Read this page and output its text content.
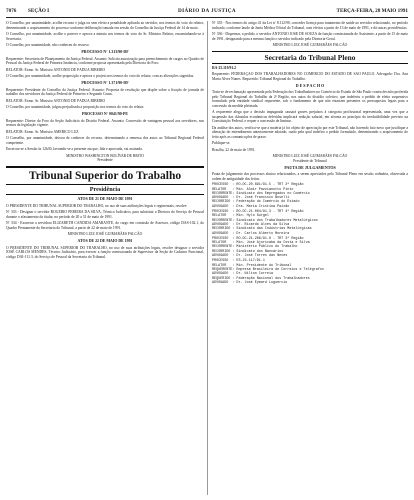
7076 SEÇÃO I	DIÁRIO DA JUSTIÇA	TERÇA-FEIRA, 28 MAIO 1991

O Conselho, por unanimidade, acolhe recurso e julga ou sem efeito a penalidade aplicada ao servidor, nos termos do voto do relator, determinando o arquivamento do processo conforme deliberação tomada em sessão do Conselho da Justiça Federal de 14 de maio.

O Conselho, por unanimidade, acolhe o parecer e aprova a minuta nos termos do voto do Sr. Ministro Relator, encaminhando-se à Secretaria.

O Conselho, por unanimidade, não conheceu do recurso.

PROCESSO Nº 1.313/90-DF

Requerente: Secretaria de Planejamento da Justiça Federal. Assunto: Solicita autorização para preenchimento de cargos no Quadro de Pessoal da Justiça Federal de Primeira Instância, conforme proposta apresentada pela Diretoria do Foro.

RELATOR: Exmo. Sr. Ministro ANTÔNIO DE PÁDUA RIBEIRO

O Conselho, por unanimidade, acolhe proposição e aprova o projeto nos termos do voto do relator, com as alterações sugeridas.

PROCESSO Nº 1.371/90-DF

Requerente: Presidente do Conselho da Justiça Federal. Assunto: Proposta de resolução que dispõe sobre a fixação de jornada de trabalho dos servidores da Justiça Federal de Primeiro e Segundo Graus.

RELATOR: Exmo. Sr. Ministro ANTÔNIO DE PÁDUA RIBEIRO

O Conselho, por unanimidade, julgou prejudicada a proposição nos termos do voto do relator.

PROCESSO Nº 0041/90-PE

Requerente: Diretor do Foro da Seção Judiciária do Distrito Federal. Assunto: Concessão de vantagem pessoal aos servidores, nos termos da legislação vigente.

RELATOR: Exmo. Sr. Ministro AMÉRICO LUZ

O Conselho, por unanimidade, deixou de conhecer do recurso, determinando a remessa dos autos ao Tribunal Regional Federal competente.

Encerrou-se a Sessão às 12h30, lavrando-se a presente ata que, lida e aprovada, vai assinada.

MINISTRO WASHINGTON BOLÍVAR DE BRITO

Presidente

Tribunal Superior do Trabalho
Presidência

ATOS DE 21 DE MAIO DE 1991

O PRESIDENTE DO TRIBUNAL SUPERIOR DO TRABALHO, no uso de suas atribuições legais e regimentais, resolve:

Nº 333 - Designar o servidor ROGÉRIO PEREIRA DA SILVA, Técnico Judiciário, para substituir a Diretora do Serviço de Pessoal durante o afastamento da titular, no período de 20 a 31 de maio de 1991.

Nº 334 - Exonerar a servidora ELIZABETH CÂNDIDA AMARANTE, do cargo em comissão de Assessor, código DAS-102.1, do Quadro Permanente da Secretaria do Tribunal, a partir de 22 de maio de 1991.

MINISTRO LUIZ JOSÉ GUIMARÃES FALCÃO

ATOS DE 22 DE MAIO DE 1991

O PRESIDENTE DO TRIBUNAL SUPERIOR DO TRABALHO, no uso de suas atribuições legais, resolve designar o servidor JOSÉ CARLOS MENDES, Técnico Judiciário, para exercer a função comissionada de Supervisor da Seção de Cadastro Funcional, código DAI-111.3, do Serviço de Pessoal da Secretaria do Tribunal.

Nº 335 - Nos termos do artigo 41 da Lei nº 8.112/90, conceder licença para tratamento de saúde ao servidor relacionado, no período indicado, conforme laudo da Junta Médica Oficial do Tribunal, com efeitos a partir de 13 de maio de 1991, e dá outras providências.

Nº 336 - Dispensar, a pedido, o servidor ANTÔNIO JOSÉ DE SOUZA da função comissionada de Assistente, a partir de 15 de maio de 1991, designando para a mesma função o servidor indicado pela Diretoria-Geral.

MINISTRO LUIZ JOSÉ GUIMARÃES FALCÃO

Secretaria do Tribunal Pleno

RA-25.119/91.2

Requerente: FEDERAÇÃO DOS TRABALHADORES NO COMÉRCIO DO ESTADO DE SÃO PAULO. Advogado: Dra. Ana Maria Alves Nunes. Requerido: Tribunal Regional do Trabalho.

D E S P A C H O

Trata-se de reclamação apresentada pela Federação dos Trabalhadores no Comércio do Estado de São Paulo contra decisão proferida pelo Tribunal Regional do Trabalho da 2ª Região, nos autos do dissídio coletivo, que indeferiu o pedido de efeito suspensivo formulado pela entidade sindical requerente, sob o fundamento de que não estariam presentes os pressupostos legais para a concessão da medida pleiteada.

A requerente alega que a decisão impugnada causará graves prejuízos à categoria profissional representada, uma vez que a suspensão das cláusulas econômicas deferidas implicará redução salarial, em afronta ao princípio da irredutibilidade previsto na Constituição Federal, e requer a concessão de liminar.

Da análise dos autos, verifica-se que a matéria já foi objeto de apreciação por este Tribunal, não havendo fato novo que justifique a alteração do entendimento anteriormente adotado, razão pela qual indefiro o pedido formulado, determinando o arquivamento do feito após as comunicações de praxe.

Publique-se.

Brasília, 22 de maio de 1991.

MINISTRO LUIZ JOSÉ GUIMARÃES FALCÃO

Presidente do Tribunal

PAUTA DE JULGAMENTOS

Pauta de julgamento dos processos abaixo relacionados, a serem apreciados pelo Tribunal Pleno em sessão ordinária, observada a ordem de antiguidade dos feitos.

PROCESSO  : RO-DC-20.891/91.5 - TRT 2ª Região
RELATOR   : Min. Almir Pazzianotto Pinto
RECORRENTE: Sindicato dos Empregados no Comércio
ADVOGADO  : Dr. José Francisco Boselli
RECORRIDO : Federação do Comércio do Estado
ADVOGADO  : Dra. Maria Cristina Paixão

PROCESSO  : RO-DC-21.004/91.3 - TRT 4ª Região
RELATOR   : Min. Hylo Gurgel
RECORRENTE: Sindicato dos Trabalhadores Metalúrgicos
ADVOGADO  : Dr. Ricardo Alves da Silva
RECORRIDO : Sindicato das Indústrias Metalúrgicas
ADVOGADO  : Dr. Carlos Alberto Moreira

PROCESSO  : RO-DC-21.266/91.8 - TRT 3ª Região
RELATOR   : Min. José Ajuricaba da Costa e Silva
RECORRENTE: Ministério Público do Trabalho
RECORRIDO : Sindicato dos Bancários
ADVOGADO  : Dr. José Torres das Neves

PROCESSO  : ES-23.117/91.1
RELATOR   : Min. Presidente do Tribunal
REQUERENTE: Empresa Brasileira de Correios e Telégrafos
ADVOGADO  : Dr. Nilton Correia
REQUERIDO : Federação Nacional dos Trabalhadores
ADVOGADO  : Dr. José Eymard Loguercio
